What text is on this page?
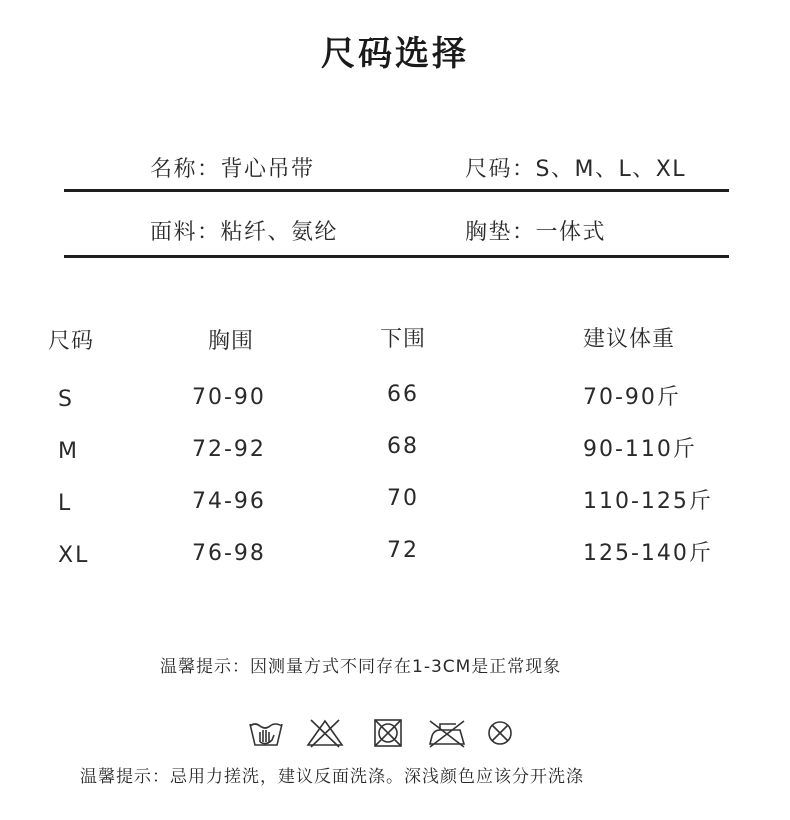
尺码选择
名称：背心吊带	尺码：S、M、L、XL
面料：粘纤、氨纶	胸垫：一体式
尺码	胸围	下围	建议体重
S	70-90	66	70-90斤
M	72-92	68	90-110斤
L	74-96	70	110-125斤
XL	76-98	72	125-140斤
温馨提示：因测量方式不同存在1-3CM是正常现象
温馨提示：忌用力搓洗，建议反面洗涤。深浅颜色应该分开洗涤
